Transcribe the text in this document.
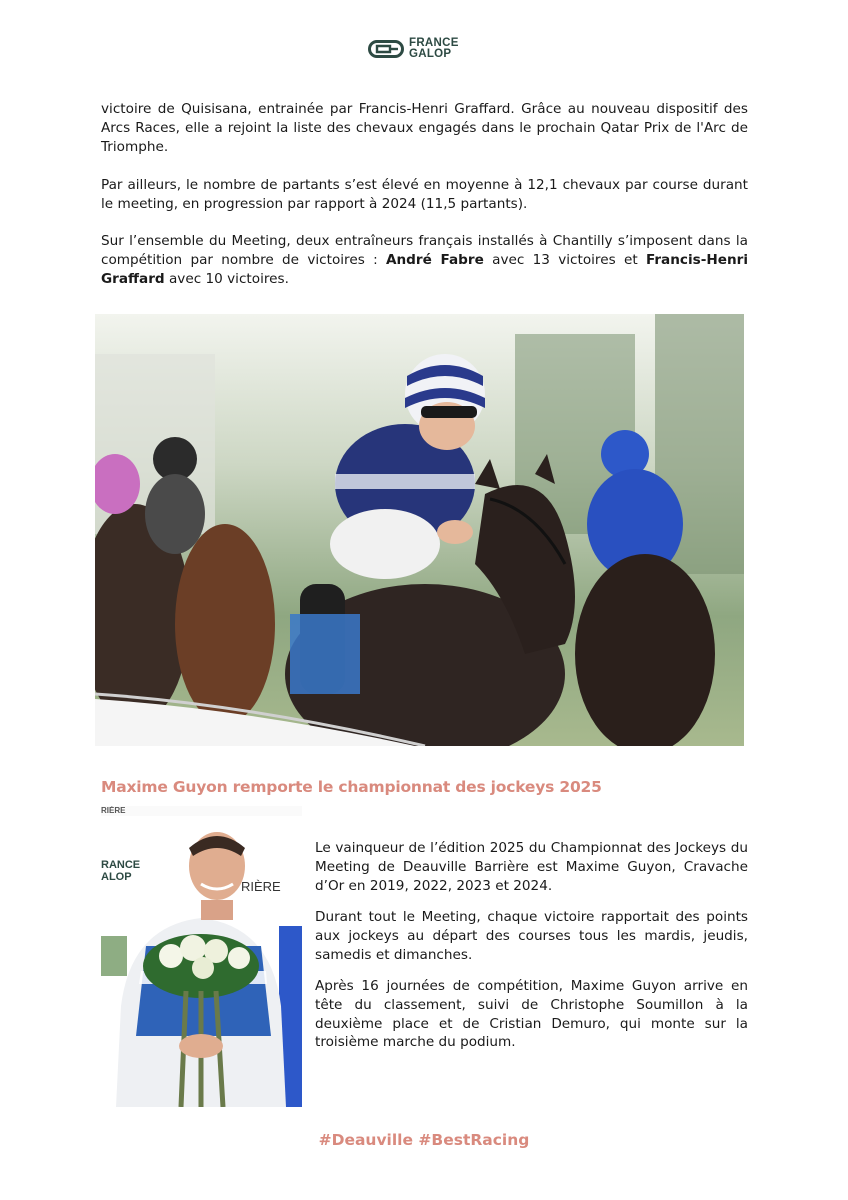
FRANCE
GALOP

victoire de Quisisana, entrainée par Francis-Henri Graffard. Grâce au nouveau dispositif des Arcs Races, elle a rejoint la liste des chevaux engagés dans le prochain Qatar Prix de l'Arc de Triomphe.

Par ailleurs, le nombre de partants s’est élevé en moyenne à 12,1 chevaux par course durant le meeting, en progression par rapport à 2024 (11,5 partants).

Sur l’ensemble du Meeting, deux entraîneurs français installés à Chantilly s’imposent dans la compétition par nombre de victoires : André Fabre avec 13 victoires et Francis-Henri Graffard avec 10 victoires.

Maxime Guyon remporte le championnat des jockeys 2025
RIÈRE
RANCE
ALOP
RIÈRE

Le vainqueur de l’édition 2025 du Championnat des Jockeys du Meeting de Deauville Barrière est Maxime Guyon, Cravache d’Or en 2019, 2022, 2023 et 2024.

Durant tout le Meeting, chaque victoire rapportait des points aux jockeys au départ des courses tous les mardis, jeudis, samedis et dimanches.

Après 16 journées de compétition, Maxime Guyon arrive en tête du classement, suivi de Christophe Soumillon à la deuxième place et de Cristian Demuro, qui monte sur la troisième marche du podium.

#Deauville #BestRacing
